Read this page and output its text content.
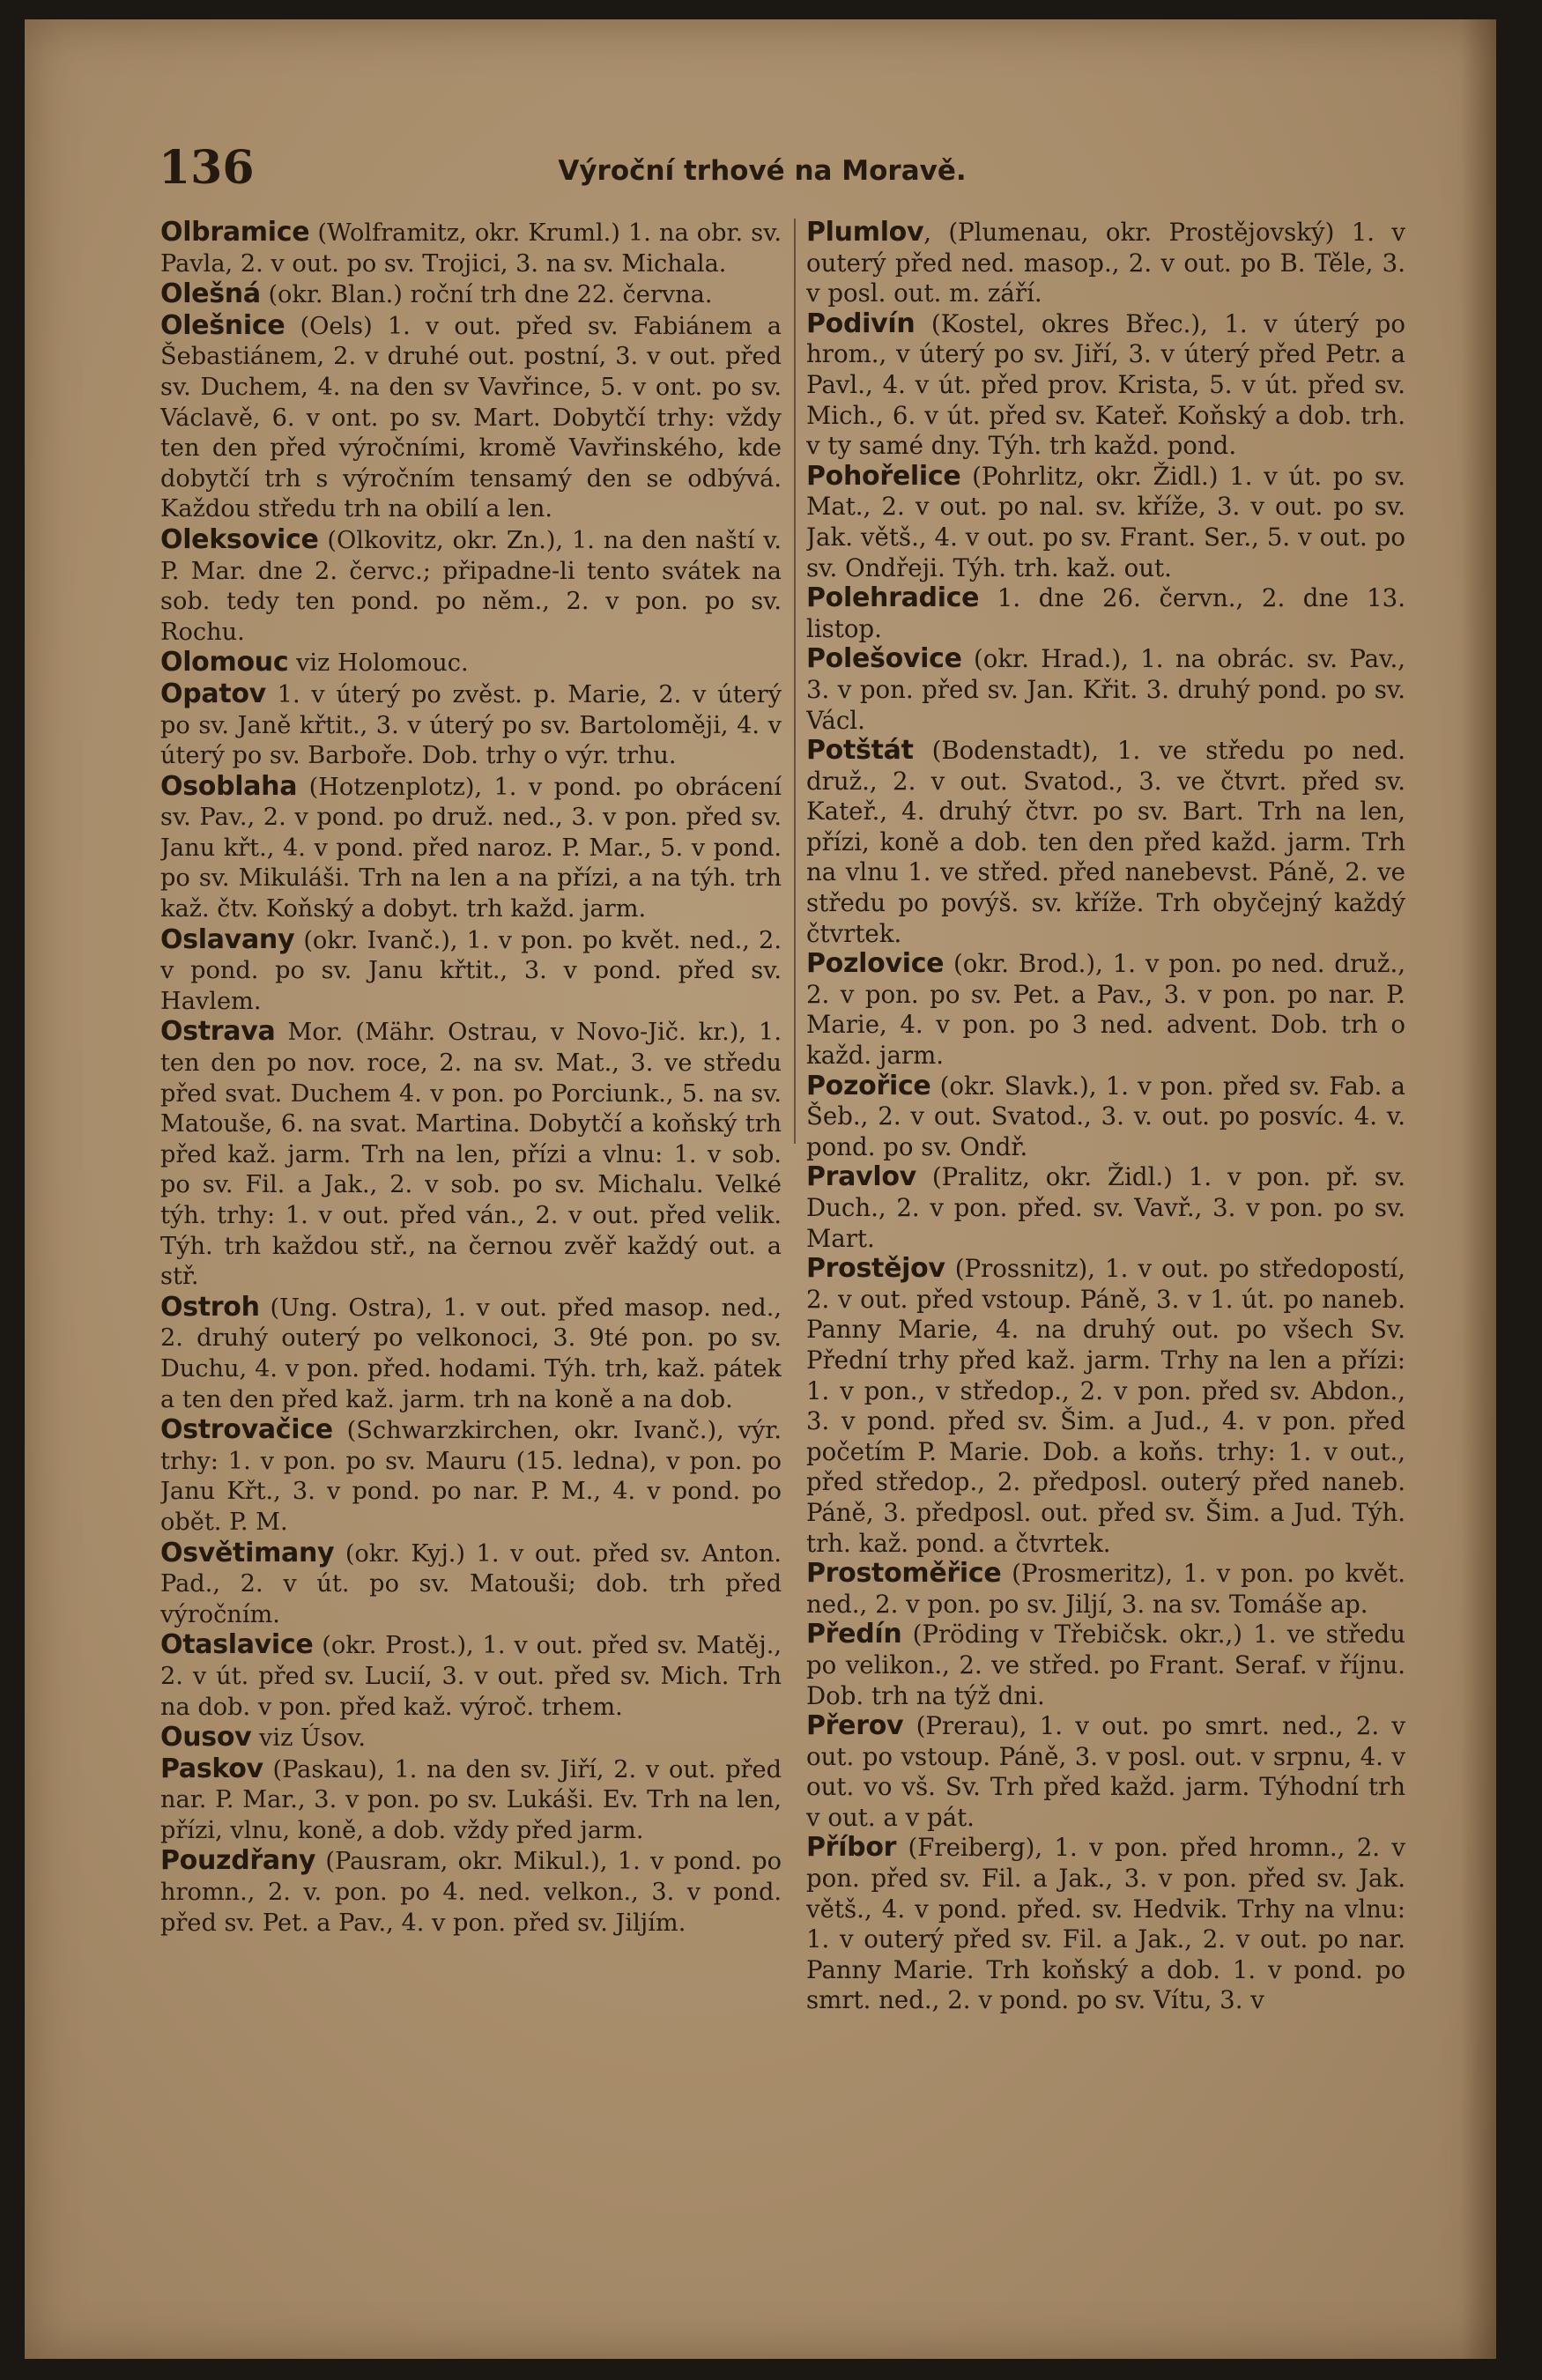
136	Výroční trhové na Moravě.

Olbramice (Wolframitz, okr. Kruml.) 1. na obr. sv. Pavla, 2. v out. po sv. Trojici, 3. na sv. Michala.

Olešná (okr. Blan.) roční trh dne 22. června.

Olešnice (Oels) 1. v out. před sv. Fabiánem a Šebastiánem, 2. v druhé out. postní, 3. v out. před sv. Duchem, 4. na den sv Vavřince, 5. v ont. po sv. Václavě, 6. v ont. po sv. Mart. Dobytčí trhy: vždy ten den před výročními, kromě Vavřinského, kde dobytčí trh s výročním tensamý den se odbývá. Každou středu trh na obilí a len.

Oleksovice (Olkovitz, okr. Zn.), 1. na den naští v. P. Mar. dne 2. červc.; připadne-li tento svátek na sob. tedy ten pond. po něm., 2. v pon. po sv. Rochu.

Olomouc viz Holomouc.

Opatov 1. v úterý po zvěst. p. Marie, 2. v úterý po sv. Janě křtit., 3. v úterý po sv. Bartoloměji, 4. v úterý po sv. Barboře. Dob. trhy o výr. trhu.

Osoblaha (Hotzenplotz), 1. v pond. po obrácení sv. Pav., 2. v pond. po druž. ned., 3. v pon. před sv. Janu křt., 4. v pond. před naroz. P. Mar., 5. v pond. po sv. Mikuláši. Trh na len a na přízi, a na týh. trh kaž. čtv. Koňský a dobyt. trh každ. jarm.

Oslavany (okr. Ivanč.), 1. v pon. po květ. ned., 2. v pond. po sv. Janu křtit., 3. v pond. před sv. Havlem.

Ostrava Mor. (Mähr. Ostrau, v Novo-Jič. kr.), 1. ten den po nov. roce, 2. na sv. Mat., 3. ve středu před svat. Duchem 4. v pon. po Porciunk., 5. na sv. Matouše, 6. na svat. Martina. Dobytčí a koňský trh před kaž. jarm. Trh na len, přízi a vlnu: 1. v sob. po sv. Fil. a Jak., 2. v sob. po sv. Michalu. Velké týh. trhy: 1. v out. před ván., 2. v out. před velik. Týh. trh každou stř., na černou zvěř každý out. a stř.

Ostroh (Ung. Ostra), 1. v out. před masop. ned., 2. druhý outerý po velkonoci, 3. 9té pon. po sv. Duchu, 4. v pon. před. hodami. Týh. trh, kaž. pátek a ten den před kaž. jarm. trh na koně a na dob.

Ostrovačice (Schwarzkirchen, okr. Ivanč.), výr. trhy: 1. v pon. po sv. Mauru (15. ledna), v pon. po Janu Křt., 3. v pond. po nar. P. M., 4. v pond. po obět. P. M.

Osvětimany (okr. Kyj.) 1. v out. před sv. Anton. Pad., 2. v út. po sv. Matouši; dob. trh před výročním.

Otaslavice (okr. Prost.), 1. v out. před sv. Matěj., 2. v út. před sv. Lucií, 3. v out. před sv. Mich. Trh na dob. v pon. před kaž. výroč. trhem.

Ousov viz Úsov.

Paskov (Paskau), 1. na den sv. Jiří, 2. v out. před nar. P. Mar., 3. v pon. po sv. Lukáši. Ev. Trh na len, přízi, vlnu, koně, a dob. vždy před jarm.

Pouzdřany (Pausram, okr. Mikul.), 1. v pond. po hromn., 2. v. pon. po 4. ned. velkon., 3. v pond. před sv. Pet. a Pav., 4. v pon. před sv. Jiljím.

Plumlov, (Plumenau, okr. Prostějovský) 1. v outerý před ned. masop., 2. v out. po B. Těle, 3. v posl. out. m. září.

Podivín (Kostel, okres Břec.), 1. v úterý po hrom., v úterý po sv. Jiří, 3. v úterý před Petr. a Pavl., 4. v út. před prov. Krista, 5. v út. před sv. Mich., 6. v út. před sv. Kateř. Koňský a dob. trh. v ty samé dny. Týh. trh každ. pond.

Pohořelice (Pohrlitz, okr. Židl.) 1. v út. po sv. Mat., 2. v out. po nal. sv. kříže, 3. v out. po sv. Jak. větš., 4. v out. po sv. Frant. Ser., 5. v out. po sv. Ondřeji. Týh. trh. kaž. out.

Polehradice 1. dne 26. červn., 2. dne 13. listop.

Polešovice (okr. Hrad.), 1. na obrác. sv. Pav., 3. v pon. před sv. Jan. Křit. 3. druhý pond. po sv. Václ.

Potštát (Bodenstadt), 1. ve středu po ned. druž., 2. v out. Svatod., 3. ve čtvrt. před sv. Kateř., 4. druhý čtvr. po sv. Bart. Trh na len, přízi, koně a dob. ten den před každ. jarm. Trh na vlnu 1. ve střed. před nanebevst. Páně, 2. ve středu po povýš. sv. kříže. Trh obyčejný každý čtvrtek.

Pozlovice (okr. Brod.), 1. v pon. po ned. druž., 2. v pon. po sv. Pet. a Pav., 3. v pon. po nar. P. Marie, 4. v pon. po 3 ned. advent. Dob. trh o každ. jarm.

Pozořice (okr. Slavk.), 1. v pon. před sv. Fab. a Šeb., 2. v out. Svatod., 3. v. out. po posvíc. 4. v. pond. po sv. Ondř.

Pravlov (Pralitz, okr. Židl.) 1. v pon. př. sv. Duch., 2. v pon. před. sv. Vavř., 3. v pon. po sv. Mart.

Prostějov (Prossnitz), 1. v out. po středopostí, 2. v out. před vstoup. Páně, 3. v 1. út. po naneb. Panny Marie, 4. na druhý out. po všech Sv. Přední trhy před kaž. jarm. Trhy na len a přízi: 1. v pon., v středop., 2. v pon. před sv. Abdon., 3. v pond. před sv. Šim. a Jud., 4. v pon. před početím P. Marie. Dob. a koňs. trhy: 1. v out., před středop., 2. předposl. outerý před naneb. Páně, 3. předposl. out. před sv. Šim. a Jud. Týh. trh. kaž. pond. a čtvrtek.

Prostoměřice (Prosmeritz), 1. v pon. po květ. ned., 2. v pon. po sv. Jiljí, 3. na sv. Tomáše ap.

Předín (Pröding v Třebičsk. okr.,) 1. ve středu po velikon., 2. ve střed. po Frant. Seraf. v říjnu. Dob. trh na týž dni.

Přerov (Prerau), 1. v out. po smrt. ned., 2. v out. po vstoup. Páně, 3. v posl. out. v srpnu, 4. v out. vo vš. Sv. Trh před každ. jarm. Týhodní trh v out. a v pát.

Příbor (Freiberg), 1. v pon. před hromn., 2. v pon. před sv. Fil. a Jak., 3. v pon. před sv. Jak. větš., 4. v pond. před. sv. Hedvik. Trhy na vlnu: 1. v outerý před sv. Fil. a Jak., 2. v out. po nar. Panny Marie. Trh koňský a dob. 1. v pond. po smrt. ned., 2. v pond. po sv. Vítu, 3. v
